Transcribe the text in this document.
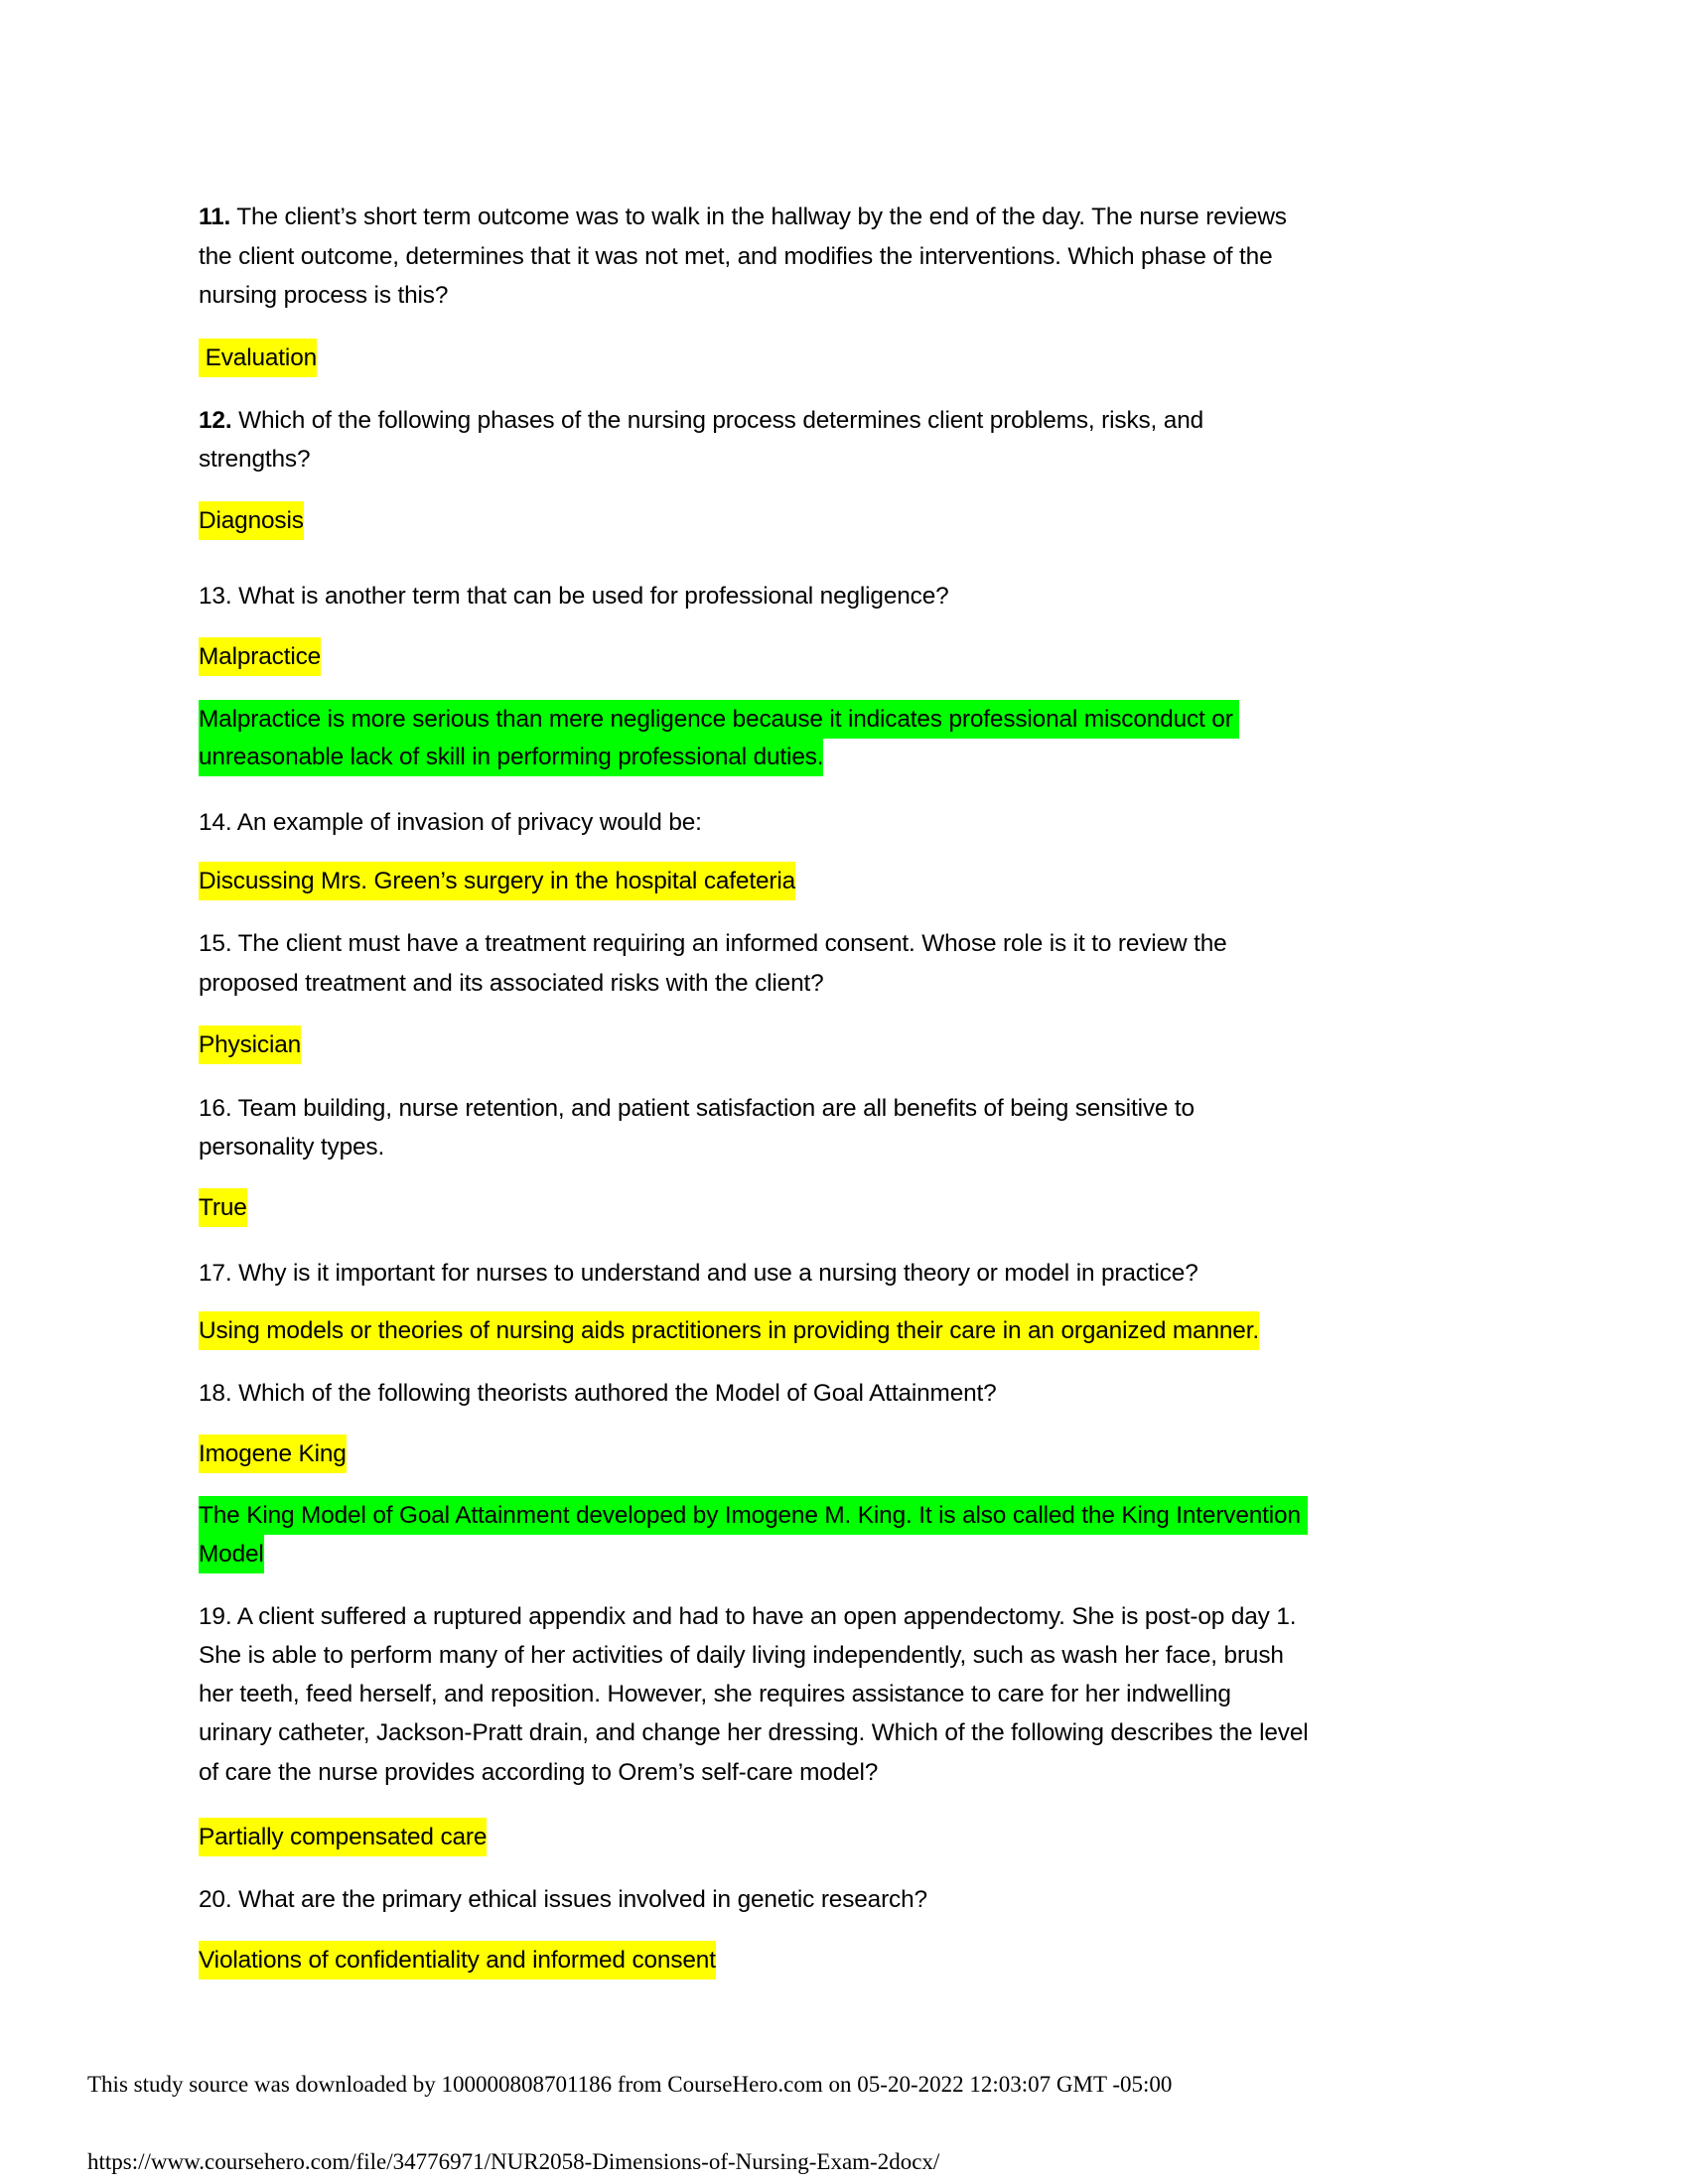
11. The client’s short term outcome was to walk in the hallway by the end of the day. The nurse reviews
the client outcome, determines that it was not met, and modifies the interventions. Which phase of the
nursing process is this?
Evaluation
12. Which of the following phases of the nursing process determines client problems, risks, and
strengths?
Diagnosis
13. What is another term that can be used for professional negligence?
Malpractice
Malpractice is more serious than mere negligence because it indicates professional misconduct or
unreasonable lack of skill in performing professional duties.
14. An example of invasion of privacy would be:
Discussing Mrs. Green’s surgery in the hospital cafeteria
15. The client must have a treatment requiring an informed consent. Whose role is it to review the
proposed treatment and its associated risks with the client?
Physician
16. Team building, nurse retention, and patient satisfaction are all benefits of being sensitive to
personality types.
True
17. Why is it important for nurses to understand and use a nursing theory or model in practice?
Using models or theories of nursing aids practitioners in providing their care in an organized manner.
18. Which of the following theorists authored the Model of Goal Attainment?
Imogene King
The King Model of Goal Attainment developed by Imogene M. King. It is also called the King Intervention
Model
19. A client suffered a ruptured appendix and had to have an open appendectomy. She is post-op day 1.
She is able to perform many of her activities of daily living independently, such as wash her face, brush
her teeth, feed herself, and reposition. However, she requires assistance to care for her indwelling
urinary catheter, Jackson-Pratt drain, and change her dressing. Which of the following describes the level
of care the nurse provides according to Orem’s self-care model?
Partially compensated care
20. What are the primary ethical issues involved in genetic research?
Violations of confidentiality and informed consent
This study source was downloaded by 100000808701186 from CourseHero.com on 05-20-2022 12:03:07 GMT -05:00
https://www.coursehero.com/file/34776971/NUR2058-Dimensions-of-Nursing-Exam-2docx/
